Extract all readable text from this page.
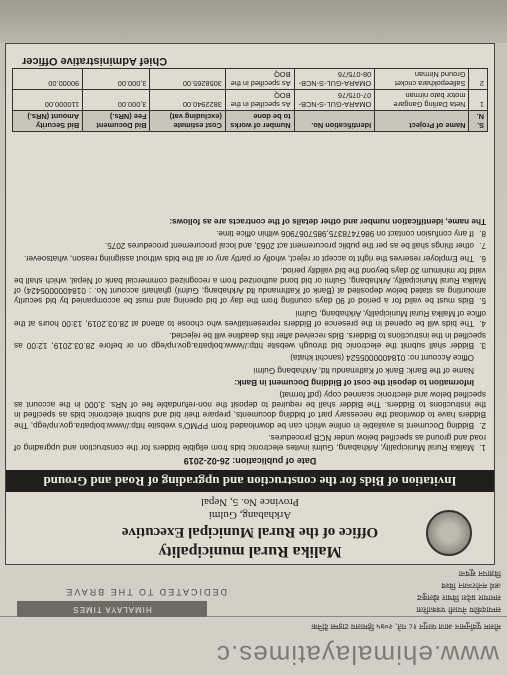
www.ehimalayatimes.c
मौसम पूर्वानुमान आज फागुन १८ गते, २०७५ हिमालय टाइम्स दैनिक
HIMALAYA TIMES
DEDICATED TO THE BRAVE
सम्पादकीय नेपाली पत्रकारिता
समाचार प्रदेश विचार खेलकुद
अर्थ मनोरञ्जन विश्व
विज्ञापन सूचना
Malika Rural municipality
Office of the Rural Municipal Executive
Arkhabang, Gulmi
Province No. 5, Nepal
Invitation of Bids for the construction and upgrading of Road and Ground
Date of publication: 26-02-2019

1.Malika Rural Municipality, Arkhabang, Gulmi invites electronic bids from eligible bidders for the construction and upgrading of road and ground as specified below under NCB procedures.

2.Bidding Document is available in online which can be downloaded from PPMO's website http://www.bolpatra.gov.np/egp, The Bidders have to download the necessary part of bidding documents, prepare their bid and submit electronic bids as specified in the instructions to Bidders. The Bidder shall be required to deposit the non-refundable fee of NRs. 3,000 in the account as specified below and electronic scanned copy (pdf format)

Information to deposit the cost of Bidding Document in Bank:

Name of the Bank: Bank of Kathmandu ltd, Arkhabang Gulmi

Office Account no: 0184000005524 (sanchit khata)

3.Bidder shall submit the electronic bid through website http://www.bolpatra.gov.np/egp on or before 28.03.2019, 12:00 as specified in the instructions to Bidders. Bids received after this deadline will be rejected.

4.The bids will be opened in the presence of Bidders representatives who choose to attend at 28.03.2019, 13:00 hours at the office of Malika Rural Municipality, Arkhabang, Gulmi

5.Bids must be valid for a period of 90 days counting from the day of bid opening and must be accompanied by bid security amounting as stated below deposited at (Bank of Kathmandu ltd Arkhabang, Gulmi) ghaharti account No. : 0184000005424) of Malika Rural Municipality, Arkhabang, Gulmi or bid bond authorized from a recognized commercial bank of Nepal, which shall be valid for minimum 30 days beyond the bid validity period.

6.The Employer reserves the right to accept or reject, wholly or partly any or all the bids without assigning reason, whatsoever.

7.other things shall be as per the public procurement act 2063, and local procurement procedures 2075.

8.If any confusion contact on 9867478375,9857067906 within office time.

The name, identification number and other details of the contracts are as follows:

S. N.	Name of Project	Identification No.	Number of works to be done	Cost estimate (excluding vat)	Bid Document Fee (NRs.)	Bid Security Amount (NRs.)
1	Neta Darling Gangare motor bato nirman	OMARA-GUL-S-NCB-07-075/76	As specified in the BOQ	3822940.00	3,000.00	110000.00
2	Salleepokhara cricket Ground Nirman	OMARA-GUL-S-NCB-08-075/76	As specified in the BOQ	3058265.00	3,000.00	90000.00
Chief Administrative Officer
